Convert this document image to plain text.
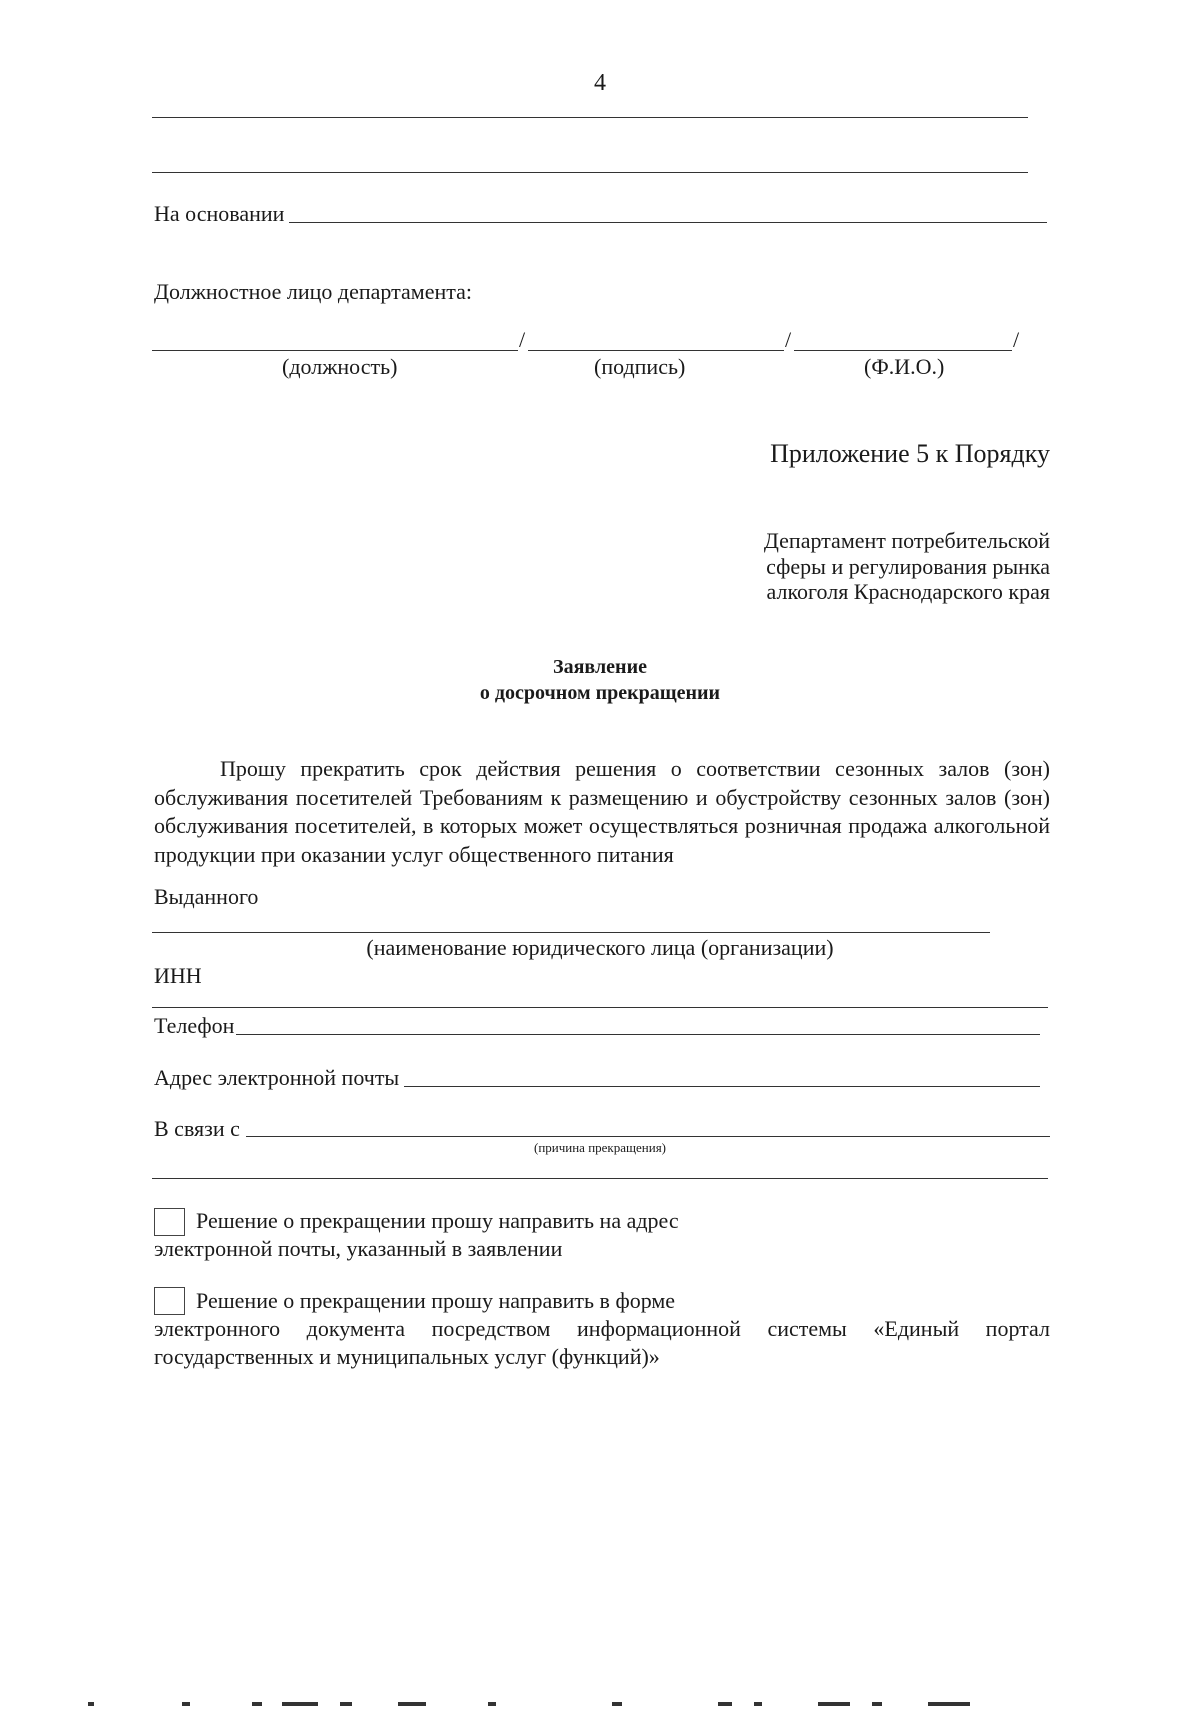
4
На основании
Должностное лицо департамента:
/	/	/
(должность)	(подпись)	(Ф.И.О.)
Приложение 5 к Порядку
Департамент потребительской
сферы и регулирования рынка
алкоголя Краснодарского края
Заявление
о досрочном прекращении
Прошу прекратить срок действия решения о соответствии сезонных залов (зон)
обслуживания посетителей Требованиям к размещению и обустройству сезонных залов (зон)
обслуживания посетителей, в которых может осуществляться розничная продажа алкогольной
продукции при оказании услуг общественного питания
Выданного
(наименование юридического лица (организации)
ИНН
Телефон
Адрес электронной почты
В связи с
(причина прекращения)
Решение о прекращении прошу направить на адрес
электронной почты, указанный в заявлении
Решение о прекращении прошу направить в форме
электронного документа посредством информационной системы «Единый портал
государственных и муниципальных услуг (функций)»
